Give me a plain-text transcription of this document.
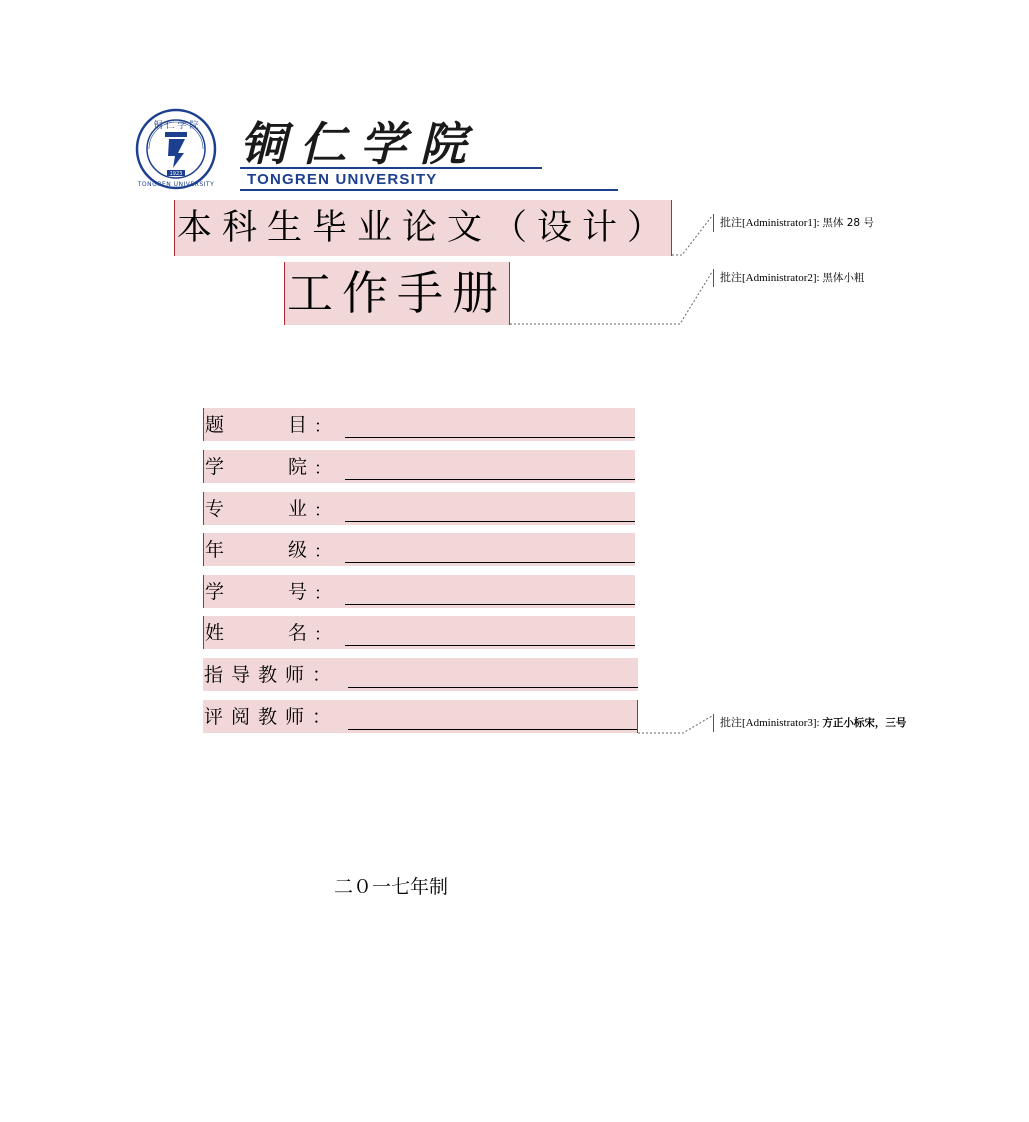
铜 仁 学 院
1923
TONGREN UNIVERSITY
铜仁学院
TONGREN UNIVERSITY
本科生毕业论文（设计）
工作手册
批注[Administrator1]: 黑体 28 号
批注[Administrator2]: 黑体小粗
批注[Administrator3]: 方正小标宋，三号
题	目 ：
学	院 ：
专	业 ：
年	级 ：
学	号 ：
姓	名 ：
指导教师：
评阅教师：
二０一七年制
